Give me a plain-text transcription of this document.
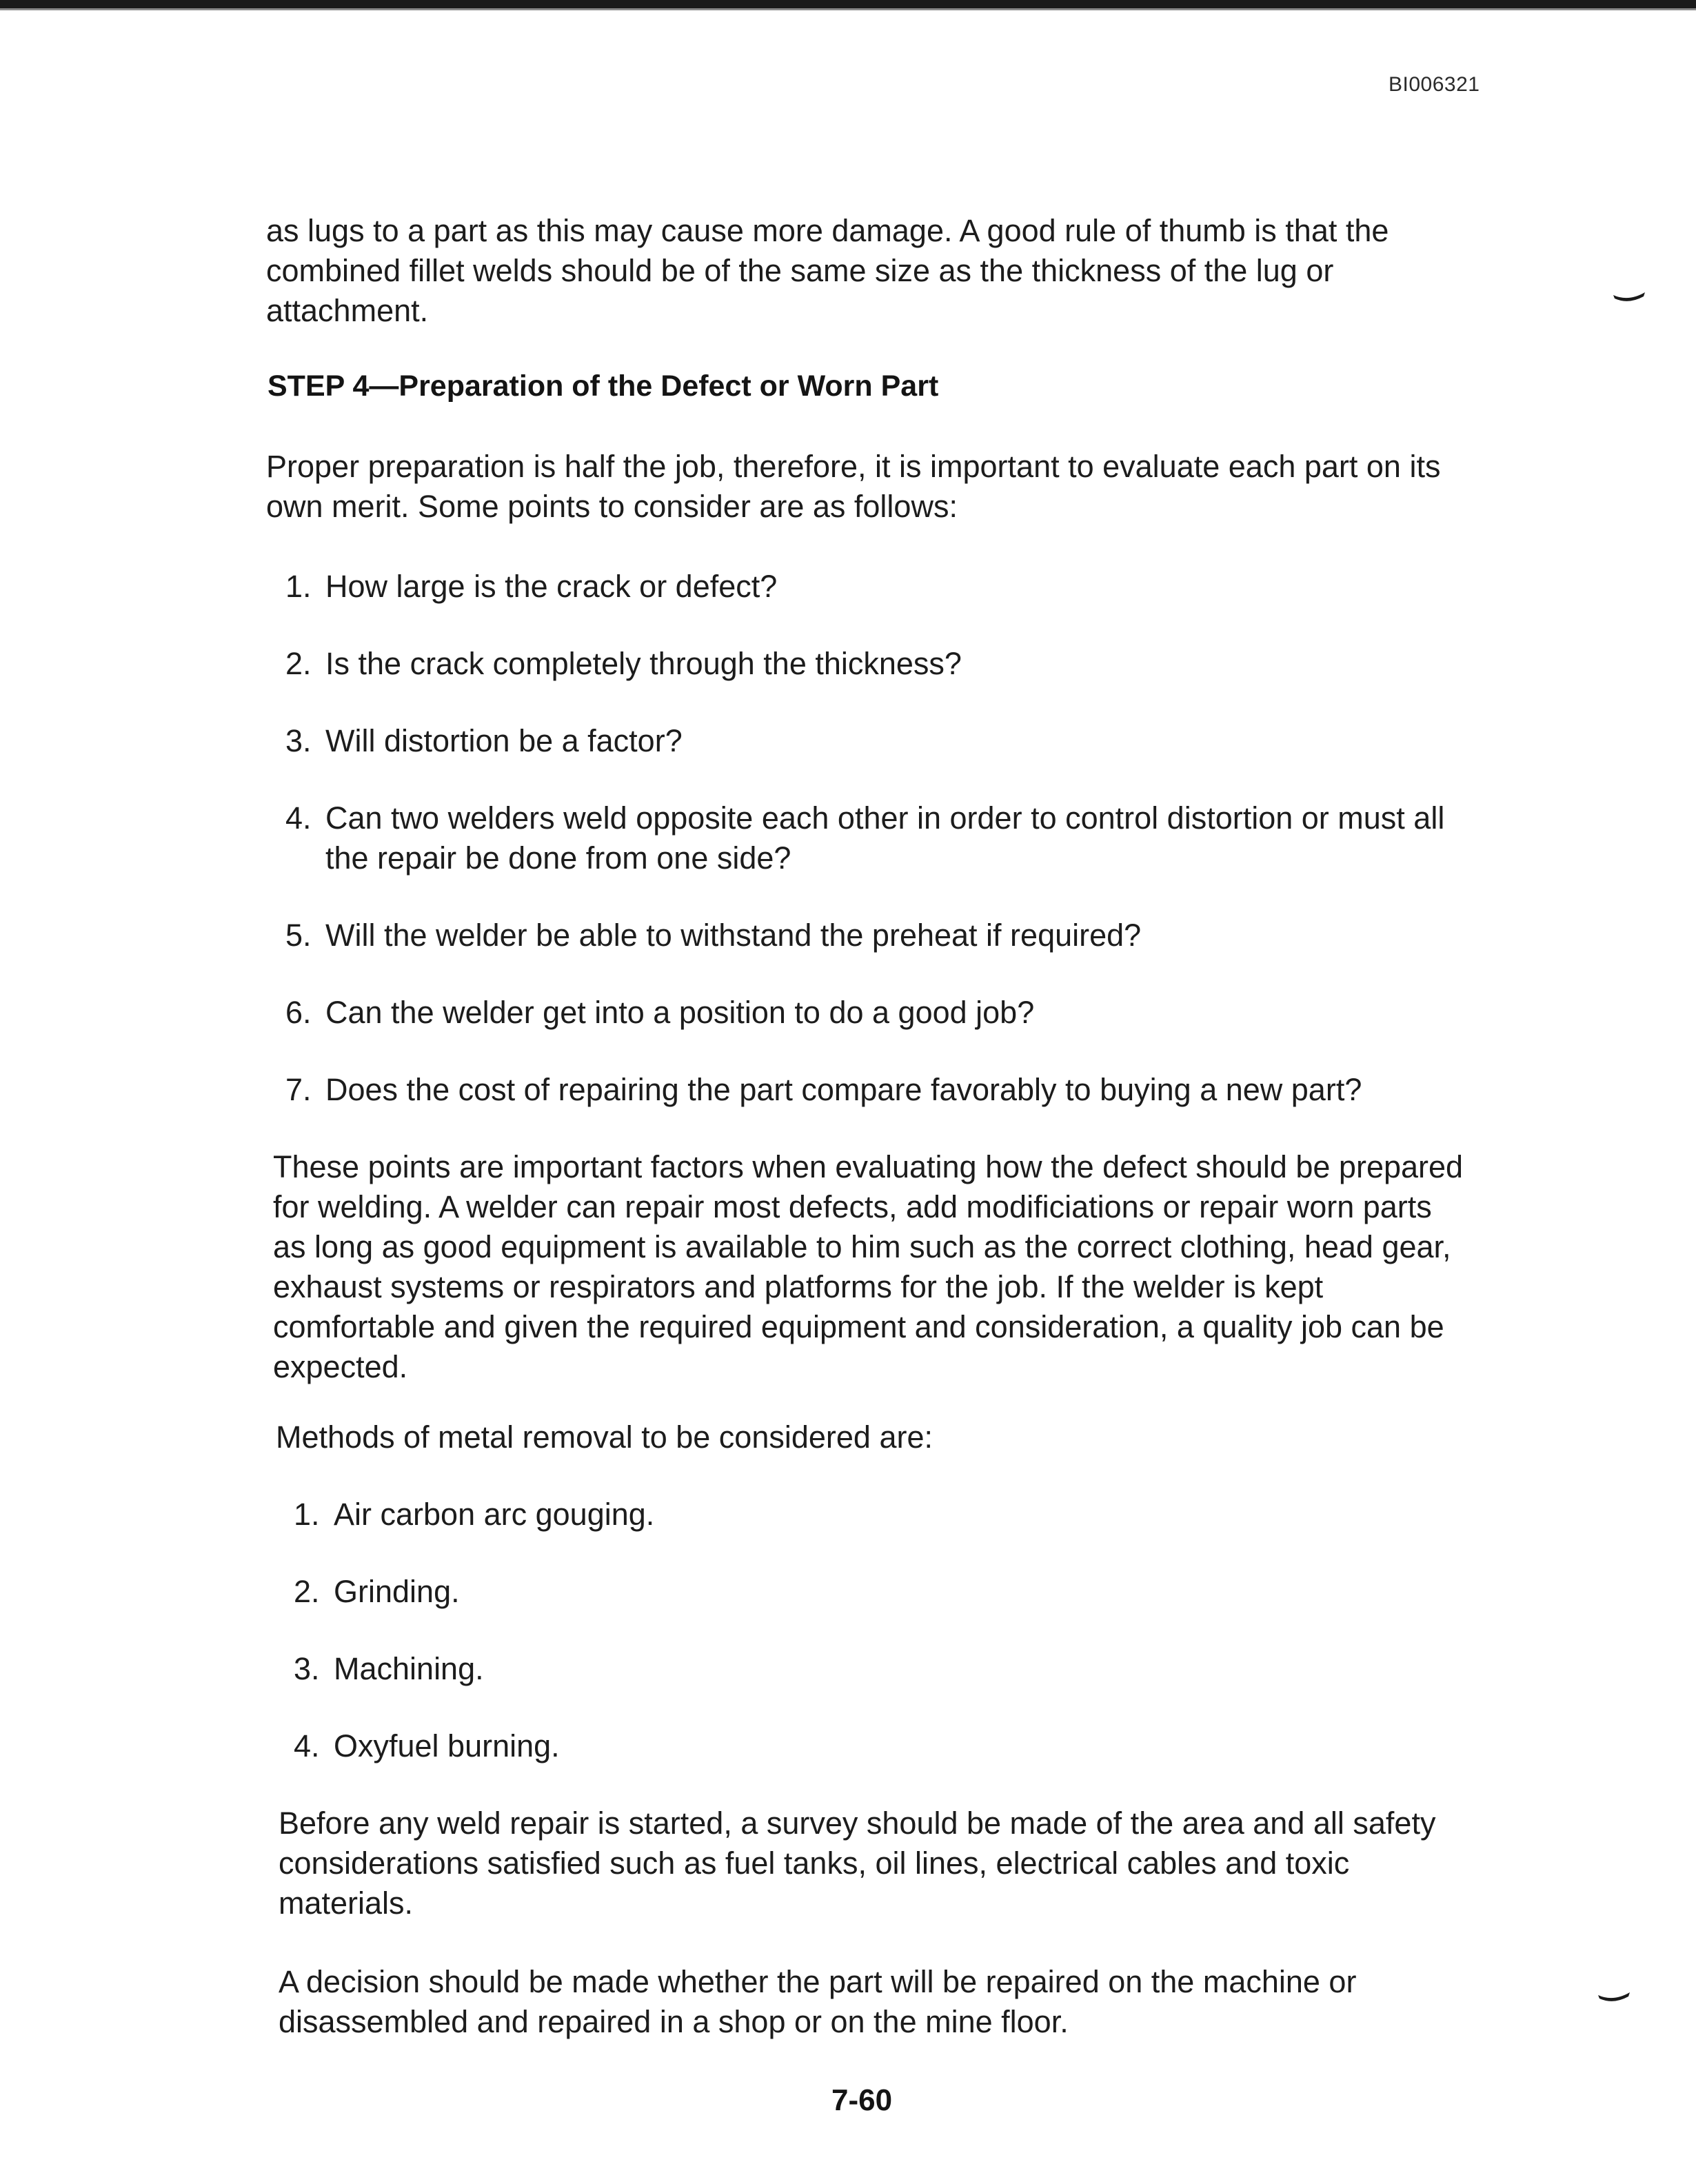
BI006321

as lugs to a part as this may cause more damage. A good rule of thumb is that the combined fillet welds should be of the same size as the thickness of the lug or attachment.

STEP 4—Preparation of the Defect or Worn Part

Proper preparation is half the job, therefore, it is important to evaluate each part on its own merit. Some points to consider are as follows:

1. How large is the crack or defect?
2. Is the crack completely through the thickness?
3. Will distortion be a factor?
4. Can two welders weld opposite each other in order to control distortion or must all the repair be done from one side?
5. Will the welder be able to withstand the preheat if required?
6. Can the welder get into a position to do a good job?
7. Does the cost of repairing the part compare favorably to buying a new part?

These points are important factors when evaluating how the defect should be prepared for welding. A welder can repair most defects, add modificiations or repair worn parts as long as good equipment is available to him such as the correct clothing, head gear, exhaust systems or respirators and platforms for the job. If the welder is kept comfortable and given the required equipment and consideration, a quality job can be expected.

Methods of metal removal to be considered are:

1. Air carbon arc gouging.
2. Grinding.
3. Machining.
4. Oxyfuel burning.

Before any weld repair is started, a survey should be made of the area and all safety considerations satisfied such as fuel tanks, oil lines, electrical cables and toxic materials.

A decision should be made whether the part will be repaired on the machine or disassembled and repaired in a shop or on the mine floor.

7-60
